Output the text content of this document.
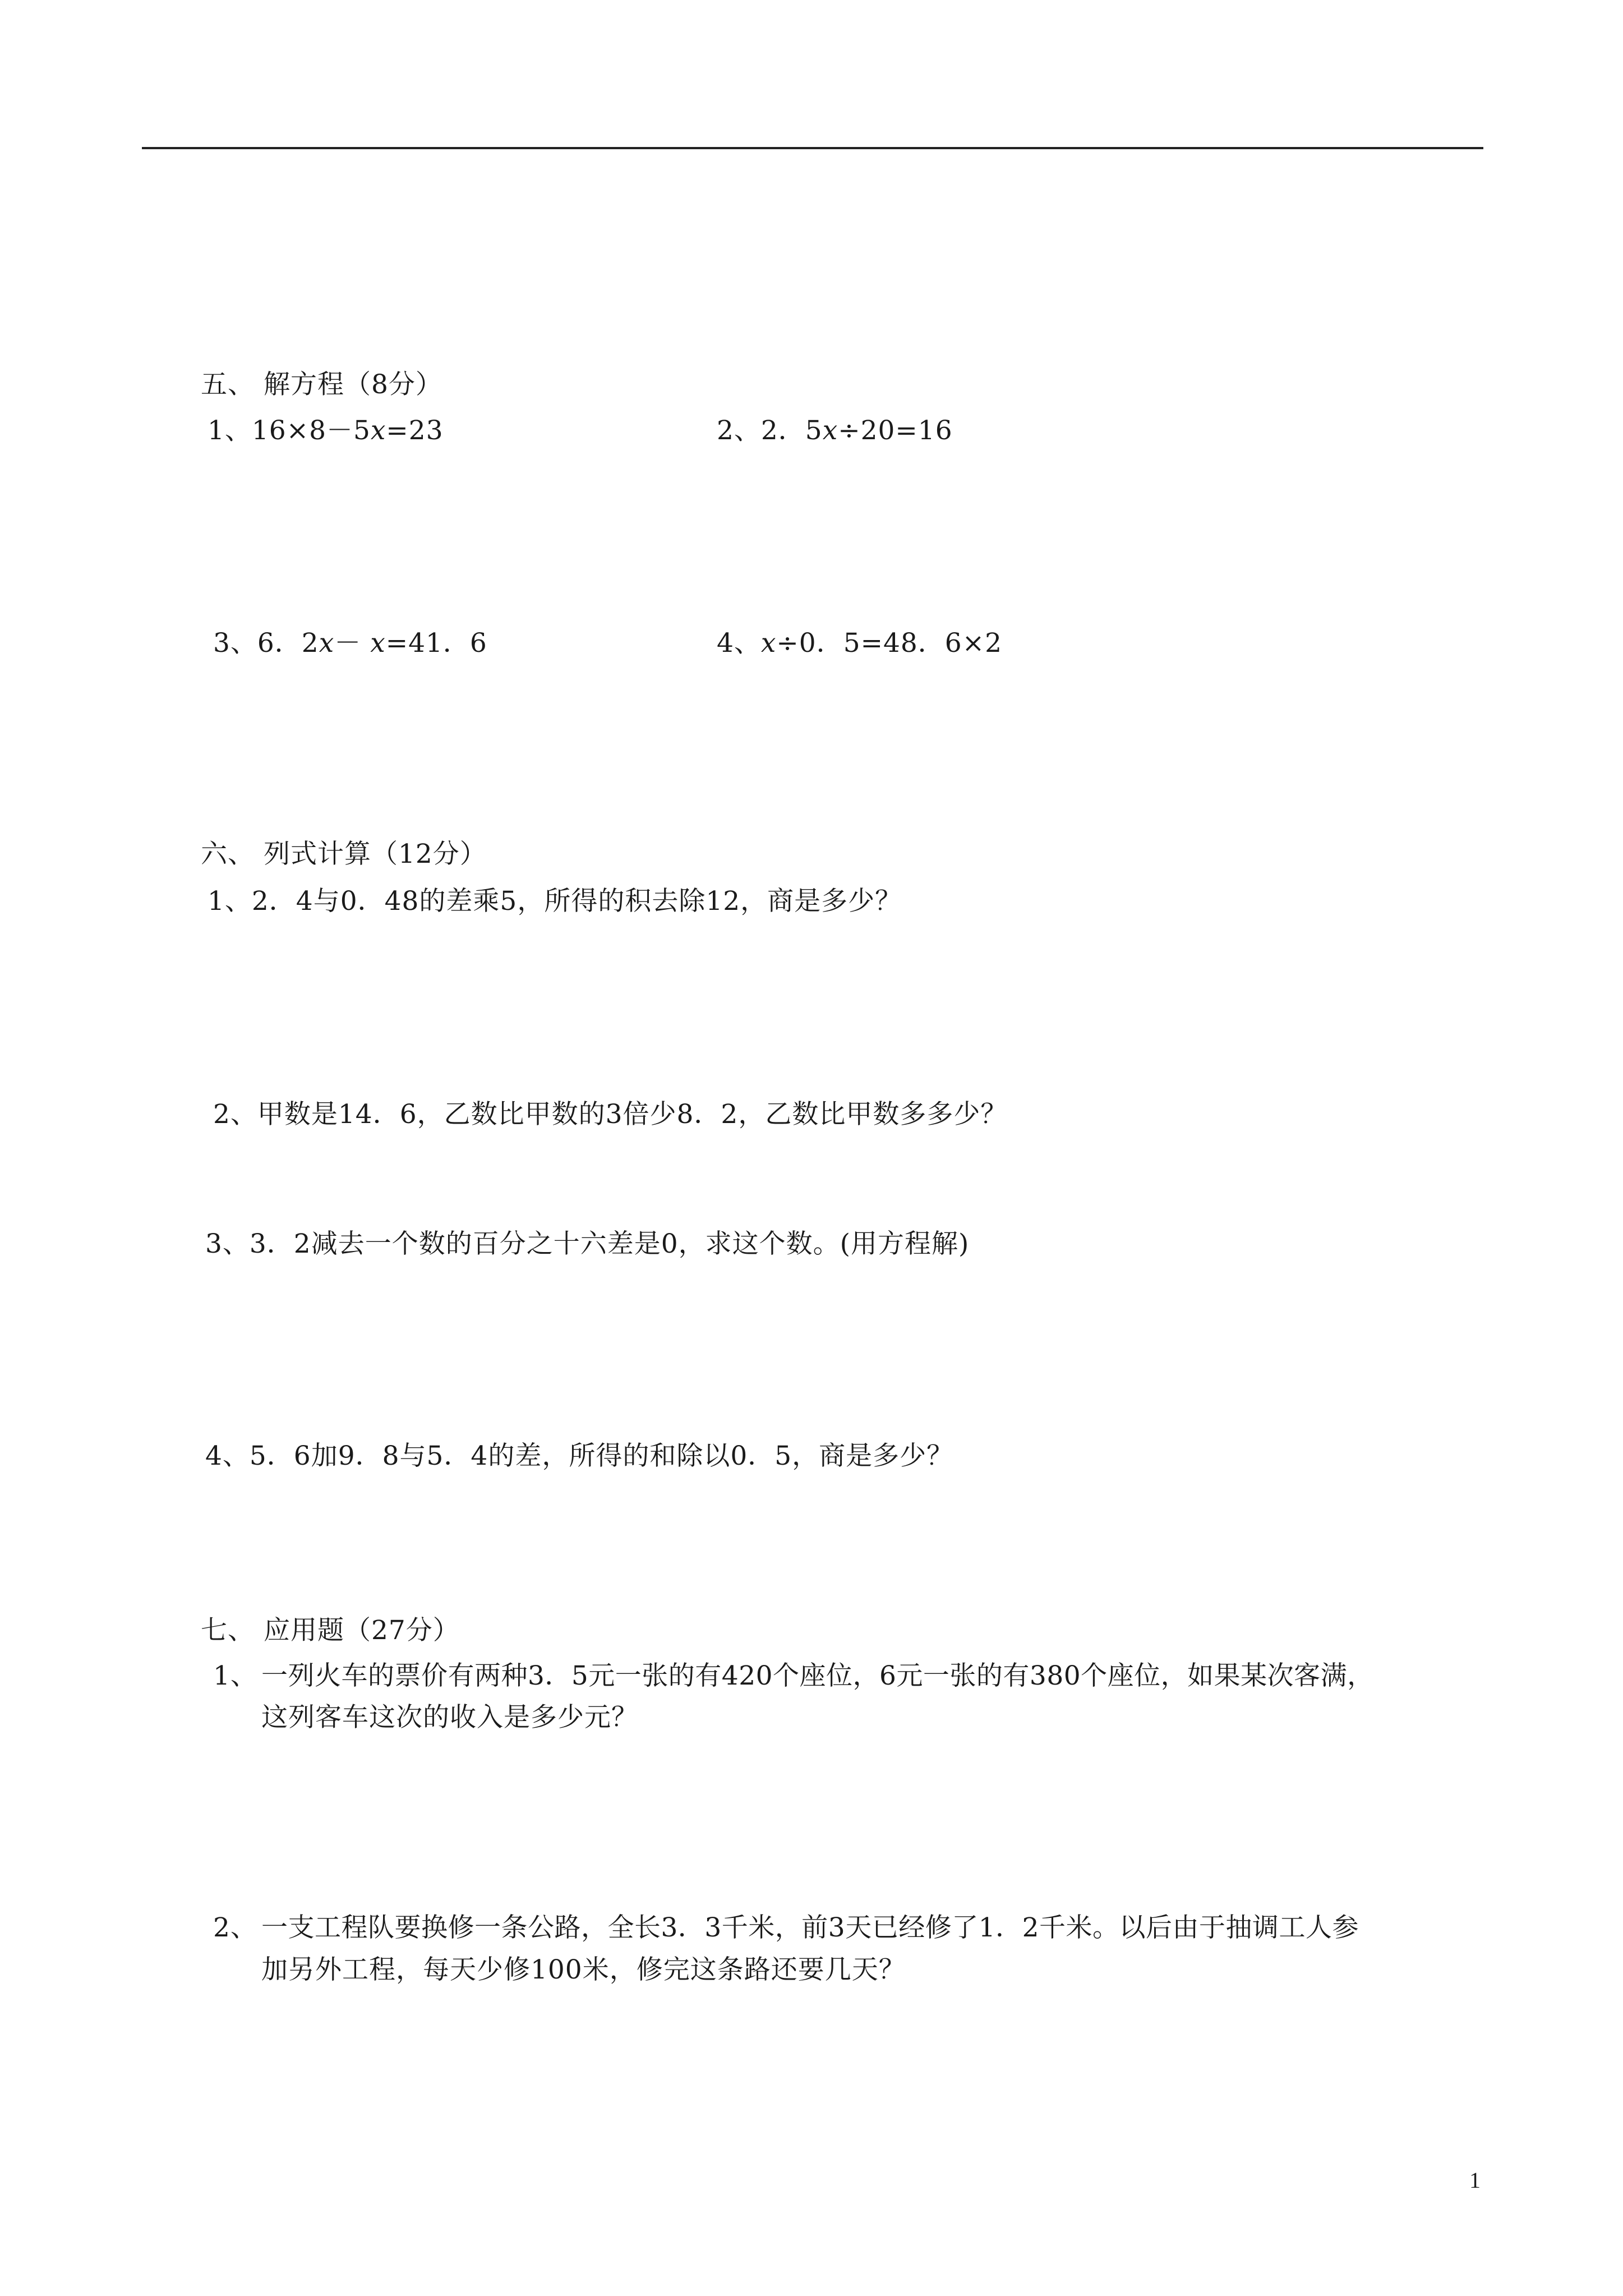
五、 解方程（8分）
1、16×8－5x=23	2、2．5x÷20=16
3、6．2x－ x=41．6	4、x÷0．5=48．6×2
六、 列式计算（12分）
1、2．4与0．48的差乘5，所得的积去除12，商是多少？
2、甲数是14．6，乙数比甲数的3倍少8．2，乙数比甲数多多少？
3、3．2减去一个数的百分之十六差是0，求这个数。(用方程解)
4、5．6加9．8与5．4的差，所得的和除以0．5，商是多少？
七、 应用题（27分）
1、 一列火车的票价有两种3．5元一张的有420个座位，6元一张的有380个座位，如果某次客满，
这列客车这次的收入是多少元？
2、 一支工程队要换修一条公路，全长3．3千米，前3天已经修了1．2千米。以后由于抽调工人参
加另外工程，每天少修100米，修完这条路还要几天？
1
